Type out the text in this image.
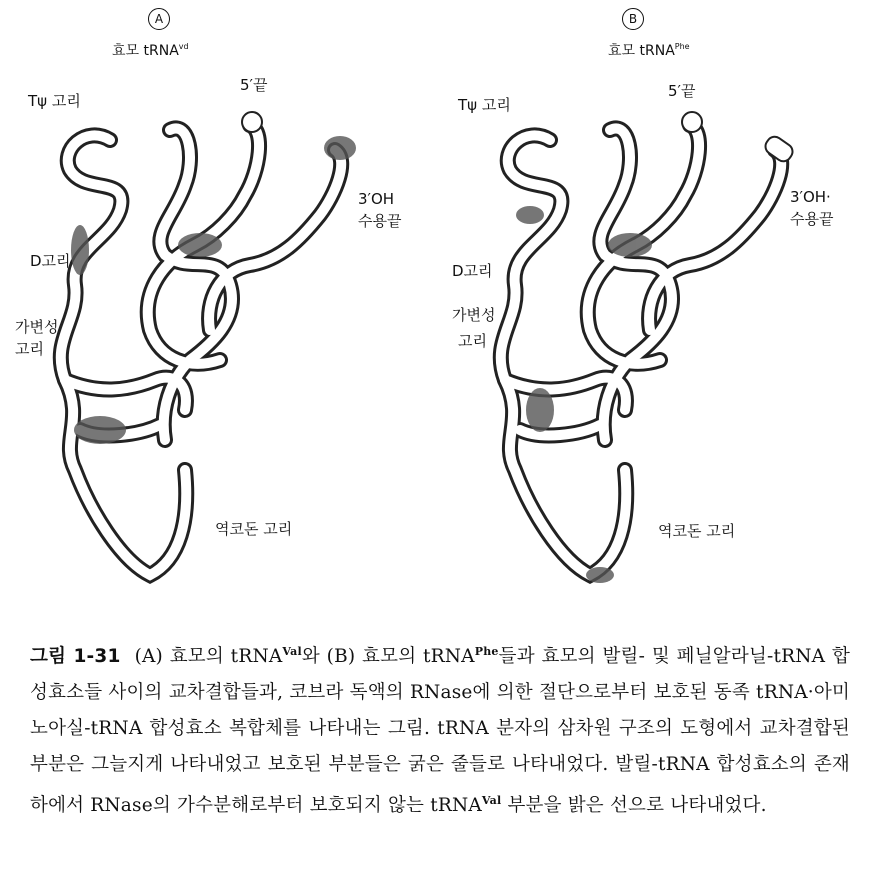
A
효모 tRNA$^{vd}$
Tψ 고리
5′끝
3′OH
수용끝
D고리
가변성
고리
역코돈 고리
B
효모 tRNA$^{Phe}$
Tψ 고리
5′끝
3′OH·
수용끝
D고리
가변성
고리
역코돈 고리
그림 1-31 (A) 효모의 tRNA$^{Val}$와 (B) 효모의 tRNA$^{Phe}$들과 효모의 발릴- 및 페닐알라닐-tRNA 합성효소들 사이의 교차결합들과, 코브라 독액의 RNase에 의한 절단으로부터 보호된 동족 tRNA·아미노아실-tRNA 합성효소 복합체를 나타내는 그림. tRNA 분자의 삼차원 구조의 도형에서 교차결합된 부분은 그늘지게 나타내었고 보호된 부분들은 굵은 줄들로 나타내었다. 발릴-tRNA 합성효소의 존재하에서 RNase의 가수분해로부터 보호되지 않는 tRNA$^{Val}$ 부분을 밝은 선으로 나타내었다.
